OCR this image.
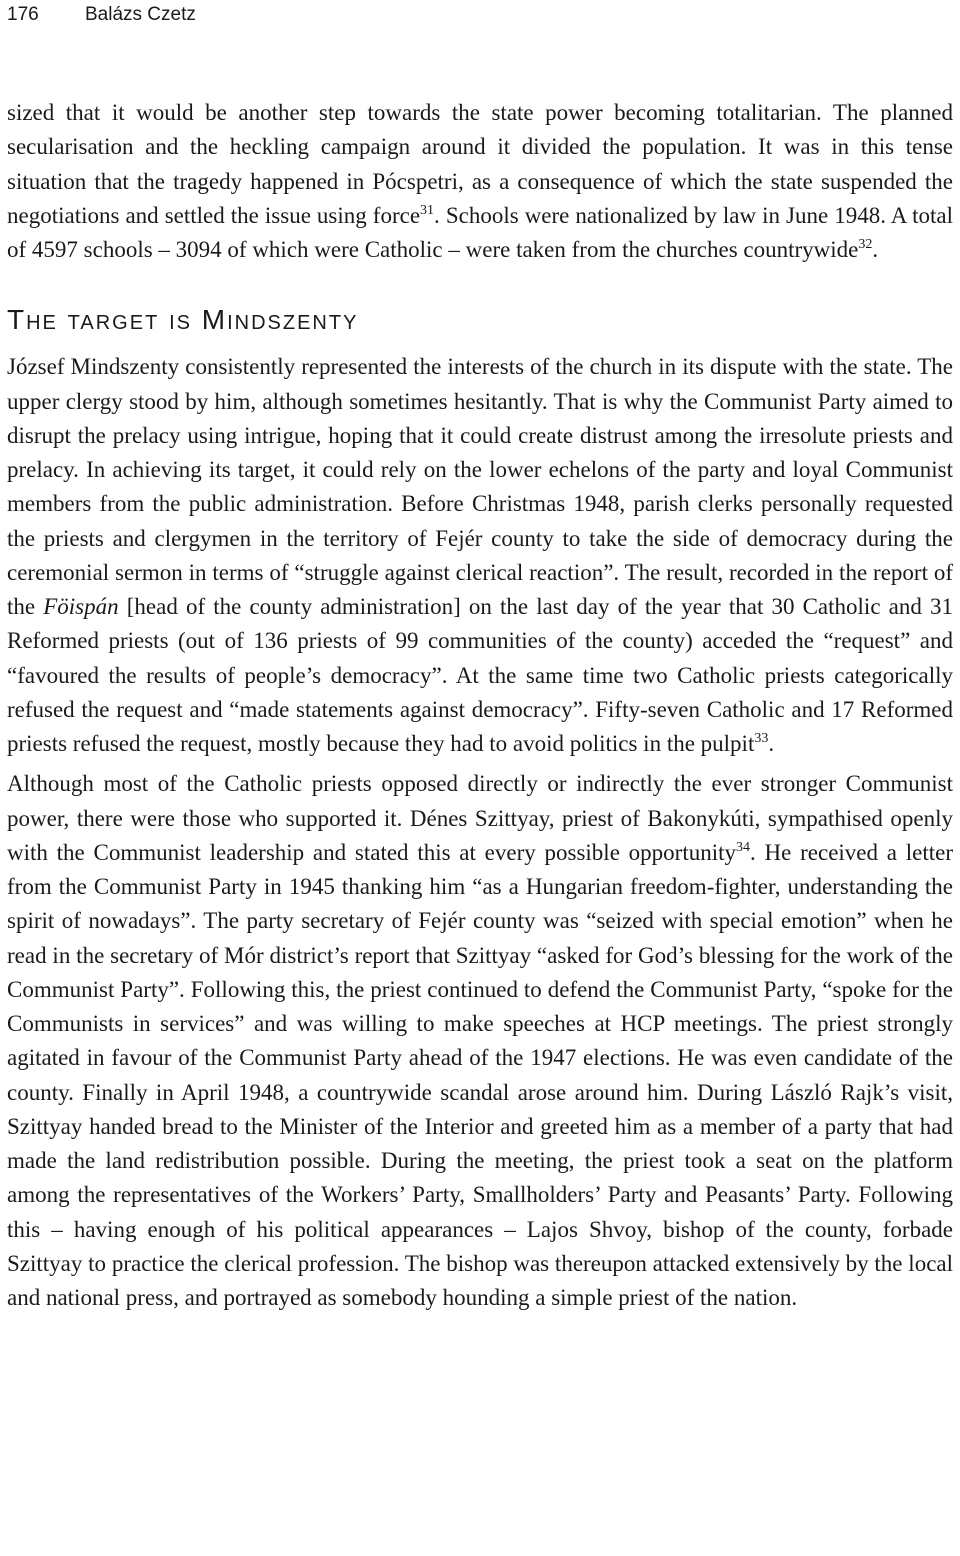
176 Balázs Czetz

sized that it would be another step towards the state power becoming totalitarian. The planned secularisation and the heckling campaign around it divided the population. It was in this tense situation that the tragedy happened in Pócspetri, as a consequence of which the state suspended the negotiations and settled the issue using force$^{31}$. Schools were nationalized by law in June 1948. A total of 4597 schools – 3094 of which were Catholic – were taken from the churches countrywide$^{32}$.

The target is Mindszenty

József Mindszenty consistently represented the interests of the church in its dispute with the state. The upper clergy stood by him, although sometimes hesitantly. That is why the Communist Party aimed to disrupt the prelacy using intrigue, hoping that it could create distrust among the irresolute priests and prelacy. In achieving its target, it could rely on the lower echelons of the party and loyal Communist members from the public administration. Before Christmas 1948, parish clerks personally requested the priests and clergymen in the territory of Fejér county to take the side of democracy during the ceremonial sermon in terms of “struggle against clerical reaction”. The result, recorded in the report of the Föispán [head of the county administration] on the last day of the year that 30 Catholic and 31 Reformed priests (out of 136 priests of 99 communities of the county) acceded the “request” and “favoured the results of people’s democracy”. At the same time two Catholic priests categorically refused the request and “made statements against democracy”. Fifty-seven Catholic and 17 Reformed priests refused the request, mostly because they had to avoid politics in the pulpit$^{33}$.

Although most of the Catholic priests opposed directly or indirectly the ever stronger Communist power, there were those who supported it. Dénes Szittyay, priest of Bakonykúti, sympathised openly with the Communist leadership and stated this at every possible opportunity$^{34}$. He received a letter from the Communist Party in 1945 thanking him “as a Hungarian freedom-fighter, understanding the spirit of nowadays”. The party secretary of Fejér county was “seized with special emotion” when he read in the secretary of Mór district’s report that Szittyay “asked for God’s blessing for the work of the Communist Party”. Following this, the priest continued to defend the Communist Party, “spoke for the Communists in services” and was willing to make speeches at HCP meetings. The priest strongly agitated in favour of the Communist Party ahead of the 1947 elections. He was even candidate of the county. Finally in April 1948, a countrywide scandal arose around him. During László Rajk’s visit, Szittyay handed bread to the Minister of the Interior and greeted him as a member of a party that had made the land redistribution possible. During the meeting, the priest took a seat on the platform among the representatives of the Workers’ Party, Smallholders’ Party and Peasants’ Party. Following this – having enough of his political appearances – Lajos Shvoy, bishop of the county, forbade Szittyay to practice the clerical profession. The bishop was thereupon attacked extensively by the local and national press, and portrayed as somebody hounding a simple priest of the nation.
